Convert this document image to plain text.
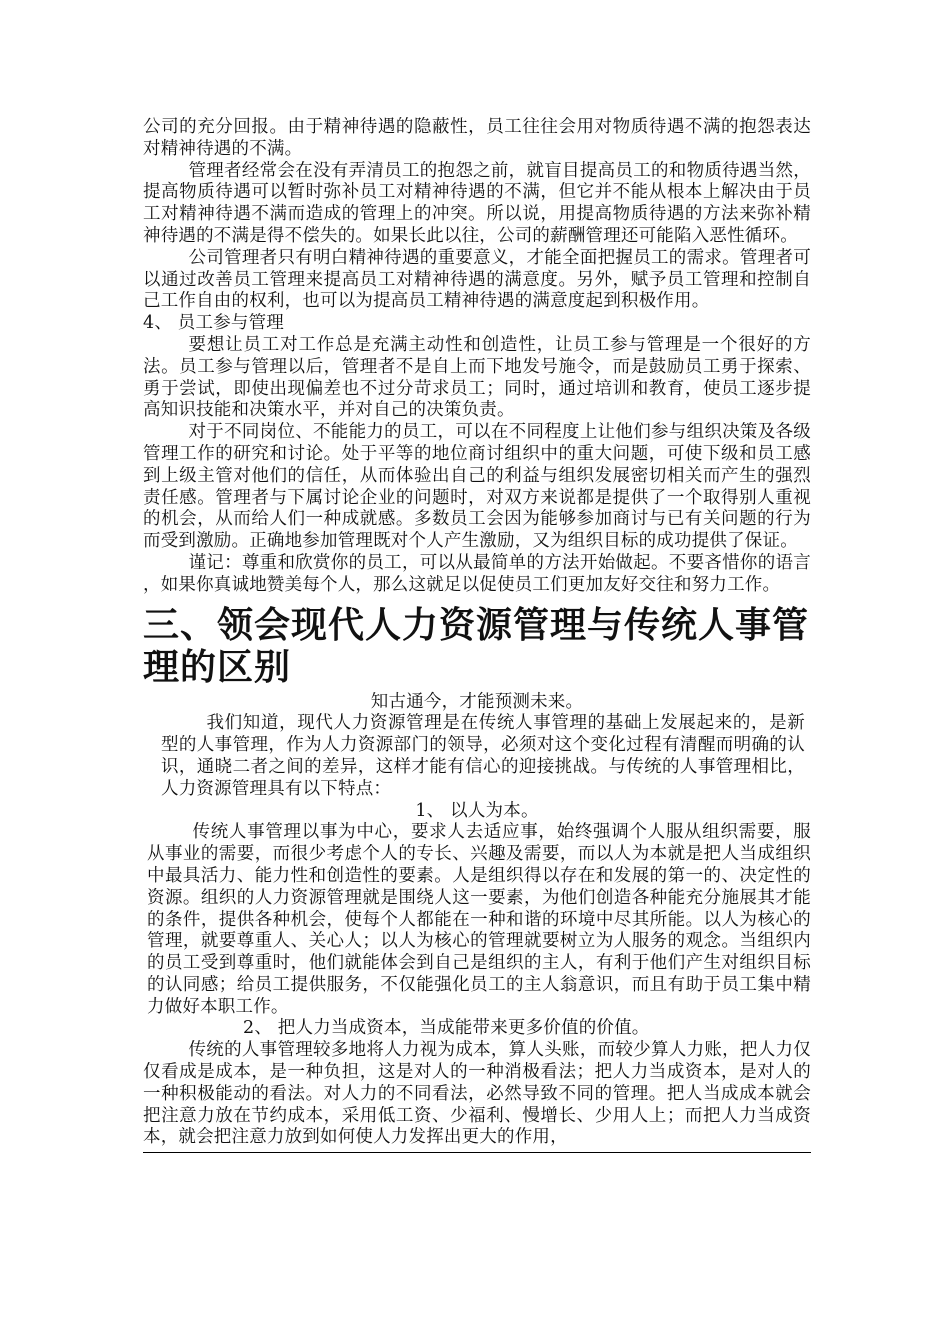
公司的充分回报。由于精神待遇的隐蔽性，员工往往会用对物质待遇不满的抱怨表达对精神待遇的不满。

管理者经常会在没有弄清员工的抱怨之前，就盲目提高员工的和物质待遇当然，提高物质待遇可以暂时弥补员工对精神待遇的不满，但它并不能从根本上解决由于员工对精神待遇不满而造成的管理上的冲突。所以说，用提高物质待遇的方法来弥补精神待遇的不满是得不偿失的。如果长此以往，公司的薪酬管理还可能陷入恶性循环。

公司管理者只有明白精神待遇的重要意义，才能全面把握员工的需求。管理者可以通过改善员工管理来提高员工对精神待遇的满意度。另外，赋予员工管理和控制自己工作自由的权利，也可以为提高员工精神待遇的满意度起到积极作用。

4、 员工参与管理

要想让员工对工作总是充满主动性和创造性，让员工参与管理是一个很好的方法。员工参与管理以后，管理者不是自上而下地发号施令，而是鼓励员工勇于探索、勇于尝试，即使出现偏差也不过分苛求员工；同时，通过培训和教育，使员工逐步提高知识技能和决策水平，并对自己的决策负责。

对于不同岗位、不能能力的员工，可以在不同程度上让他们参与组织决策及各级管理工作的研究和讨论。处于平等的地位商讨组织中的重大问题，可使下级和员工感到上级主管对他们的信任，从而体验出自己的利益与组织发展密切相关而产生的强烈责任感。管理者与下属讨论企业的问题时，对双方来说都是提供了一个取得别人重视的机会，从而给人们一种成就感。多数员工会因为能够参加商讨与已有关问题的行为而受到激励。正确地参加管理既对个人产生激励，又为组织目标的成功提供了保证。

谨记：尊重和欣赏你的员工，可以从最简单的方法开始做起。不要吝惜你的语言 ，如果你真诚地赞美每个人，那么这就足以促使员工们更加友好交往和努力工作。

三、领会现代人力资源管理与传统人事管理的区别

知古通今，才能预测未来。

我们知道，现代人力资源管理是在传统人事管理的基础上发展起来的，是新型的人事管理，作为人力资源部门的领导，必须对这个变化过程有清醒而明确的认识，通晓二者之间的差异，这样才能有信心的迎接挑战。与传统的人事管理相比，人力资源管理具有以下特点：

1、 以人为本。

传统人事管理以事为中心，要求人去适应事，始终强调个人服从组织需要，服从事业的需要，而很少考虑个人的专长、兴趣及需要，而以人为本就是把人当成组织中最具活力、能力性和创造性的要素。人是组织得以存在和发展的第一的、决定性的资源。组织的人力资源管理就是围绕人这一要素，为他们创造各种能充分施展其才能的条件，提供各种机会，使每个人都能在一种和谐的环境中尽其所能。以人为核心的管理，就要尊重人、关心人；以人为核心的管理就要树立为人服务的观念。当组织内的员工受到尊重时，他们就能体会到自己是组织的主人，有利于他们产生对组织目标的认同感；给员工提供服务，不仅能强化员工的主人翁意识，而且有助于员工集中精力做好本职工作。

2、 把人力当成资本，当成能带来更多价值的价值。

传统的人事管理较多地将人力视为成本，算人头账，而较少算人力账，把人力仅仅看成是成本，是一种负担，这是对人的一种消极看法；把人力当成资本，是对人的一种积极能动的看法。对人力的不同看法，必然导致不同的管理。把人当成成本就会把注意力放在节约成本，采用低工资、少福利、慢增长、少用人上；而把人力当成资本，就会把注意力放到如何使人力发挥出更大的作用，
